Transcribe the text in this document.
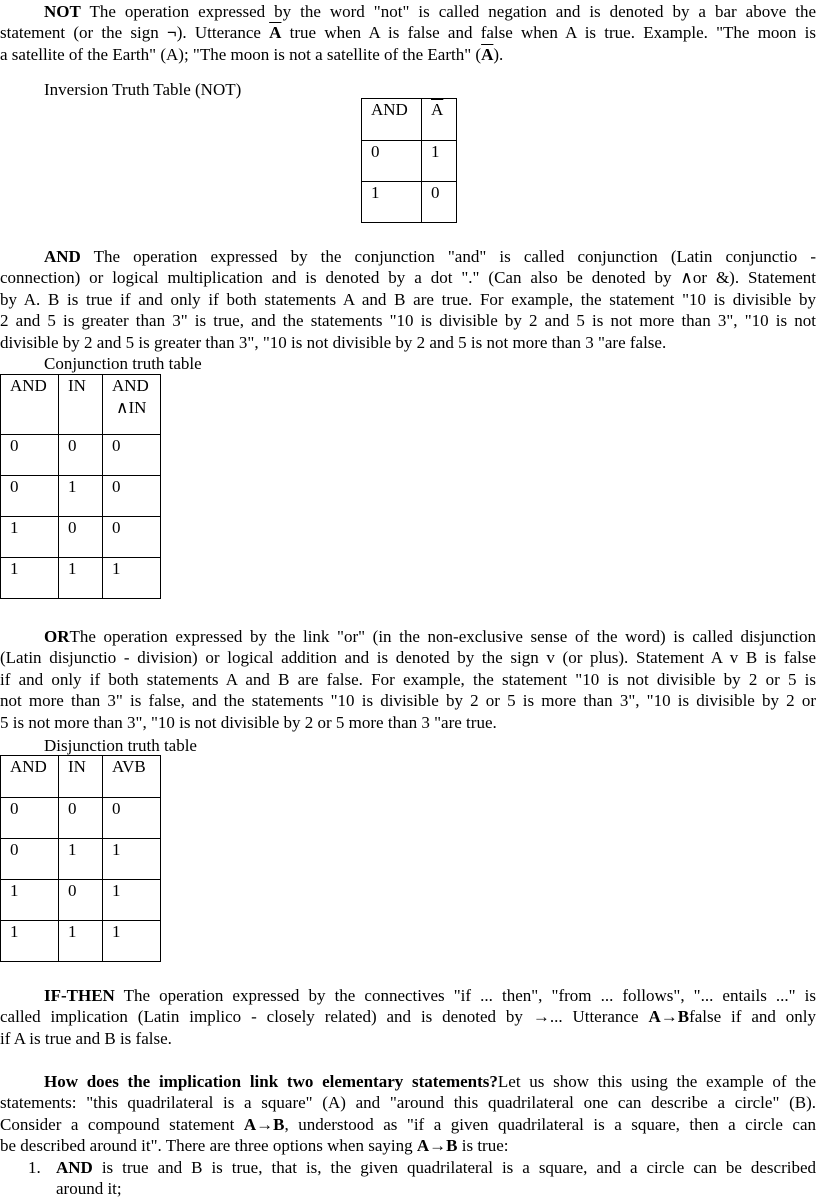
NOT The operation expressed by the word "not" is called negation and is denoted by a bar above the
statement (or the sign ¬). Utterance $\overline{A}$ true when A is false and false when A is true. Example. "The moon is
a satellite of the Earth" (A); "The moon is not a satellite of the Earth" $(\overline{A})$.
Inversion Truth Table (NOT)
AND	$\overline{A}$
0	1
1	0
AND The operation expressed by the conjunction "and" is called conjunction (Latin conjunctio -
connection) or logical multiplication and is denoted by a dot "." (Can also be denoted by ∧or &). Statement
by A. B is true if and only if both statements A and B are true. For example, the statement "10 is divisible by
2 and 5 is greater than 3" is true, and the statements "10 is divisible by 2 and 5 is not more than 3", "10 is not
divisible by 2 and 5 is greater than 3", "10 is not divisible by 2 and 5 is not more than 3 "are false.
Conjunction truth table
AND	IN	AND
∧IN

0	0	0
0	1	0
1	0	0
1	1	1
ORThe operation expressed by the link "or" (in the non-exclusive sense of the word) is called disjunction
(Latin disjunctio - division) or logical addition and is denoted by the sign v (or plus). Statement A v B is false
if and only if both statements A and B are false. For example, the statement "10 is not divisible by 2 or 5 is
not more than 3" is false, and the statements "10 is divisible by 2 or 5 is more than 3", "10 is divisible by 2 or
5 is not more than 3", "10 is not divisible by 2 or 5 more than 3 "are true.
Disjunction truth table
AND	IN	AVB
0	0	0
0	1	1
1	0	1
1	1	1
IF-THEN The operation expressed by the connectives "if ... then", "from ... follows", "... entails ..." is
called implication (Latin implico - closely related) and is denoted by →... Utterance A→Bfalse if and only
if A is true and B is false.
How does the implication link two elementary statements?Let us show this using the example of the
statements: "this quadrilateral is a square" (A) and "around this quadrilateral one can describe a circle" (B).
Consider a compound statement A→B, understood as "if a given quadrilateral is a square, then a circle can
be described around it". There are three options when saying A→B is true:
1. AND is true and B is true, that is, the given quadrilateral is a square, and a circle can be described
around it;
